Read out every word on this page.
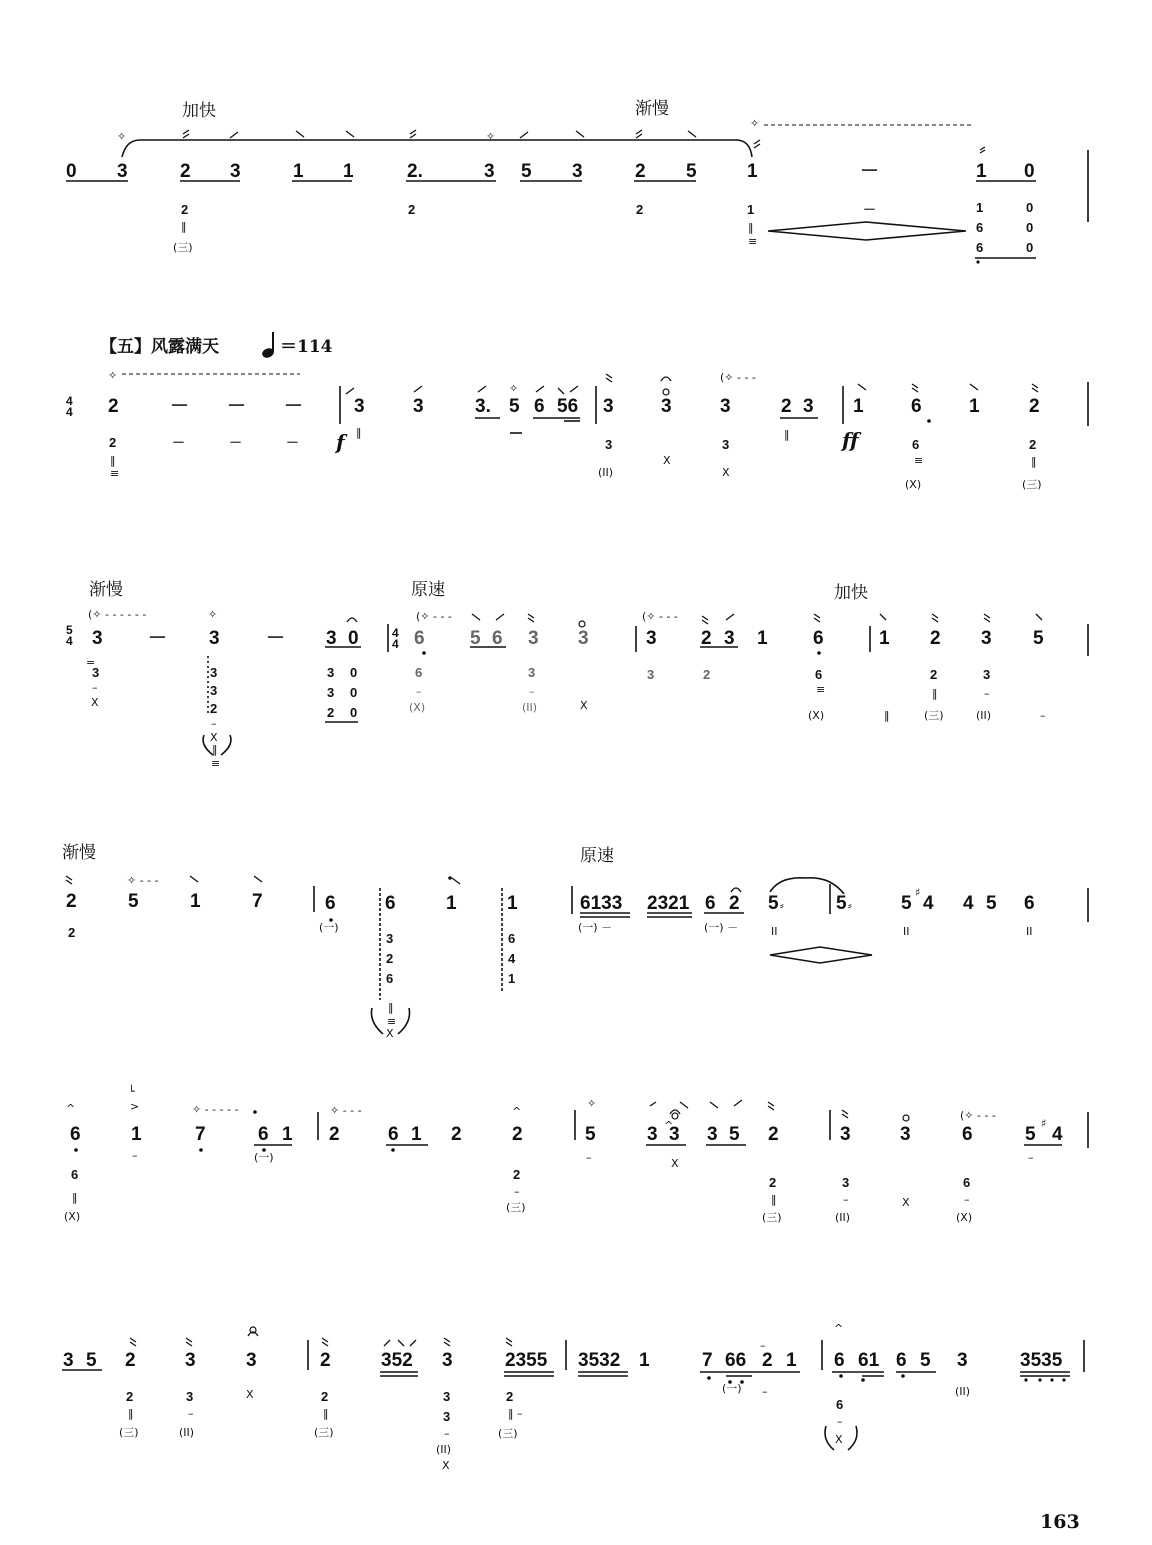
加快	渐慢
【五】风露满天	＝114
渐慢	原速	加快
渐慢	原速
163
4
4
5
4
4
4
f	ff
✧	✧
✧
✧
✧
(✧ - - -
(✧ - - - - - -	✧	(✧ - - -	(✧ - - -
✧ - - -
✧ - - - - -	✧ - - -
✧
(✧ - - -
^	^
^
└
>
^
0 3	2 3	1 1	2.	3 5 3	2 5	1	－	1 0
2	2	2	1	－	1	0
6	0
6	0
‖
(三)
‖
≡
2	－ － －	3	3	3. 5 6 56 3 3	3	2 3 1 6 1	2
2	－	－	－	3	3	6	2
‖
≡
‖	‖
(II)
X
X
≡
(X)
‖
(三)
3 － 3 － 3 0	6 5 6 3 3	3 2 3 1 6	1 2 3 5
3	3
3
2
3 0
3 0
2 0
6	3	3	2	6	2	3
=
–
X
–
X
‖
≡
–
(X)
–
(II)	X
≡
(X)	‖
‖
(三)
–
(II)	–
2	5	1	7	6	6	1	1	6133 2321 6 2 5	5	5 4 4 5 6
♯
⸗	⸗
2	3
2
6
6
4
1
(一)	(一) －	(一) －	II	II	II
‖
≡
X
6	1	7	6 1 2	6 1 2	2	5	3 3 3 5 2	3	3	6	5 4
♯
–	–	–
6	2
2	3	6
‖
(X)
(一)
–
(三)
X
‖
(三)
–
(II)
X	–
(X)
3 5 2	3	3	2	352 3	2355 3532 1	7 66 2 1 6 61 6 5 3	3535
–
2	3	2	3
3
2
6
‖
(三)
–
(II)
X
‖
(三)	–
(II)
X
‖ –
(三)
(一) –	(II)
–
X
